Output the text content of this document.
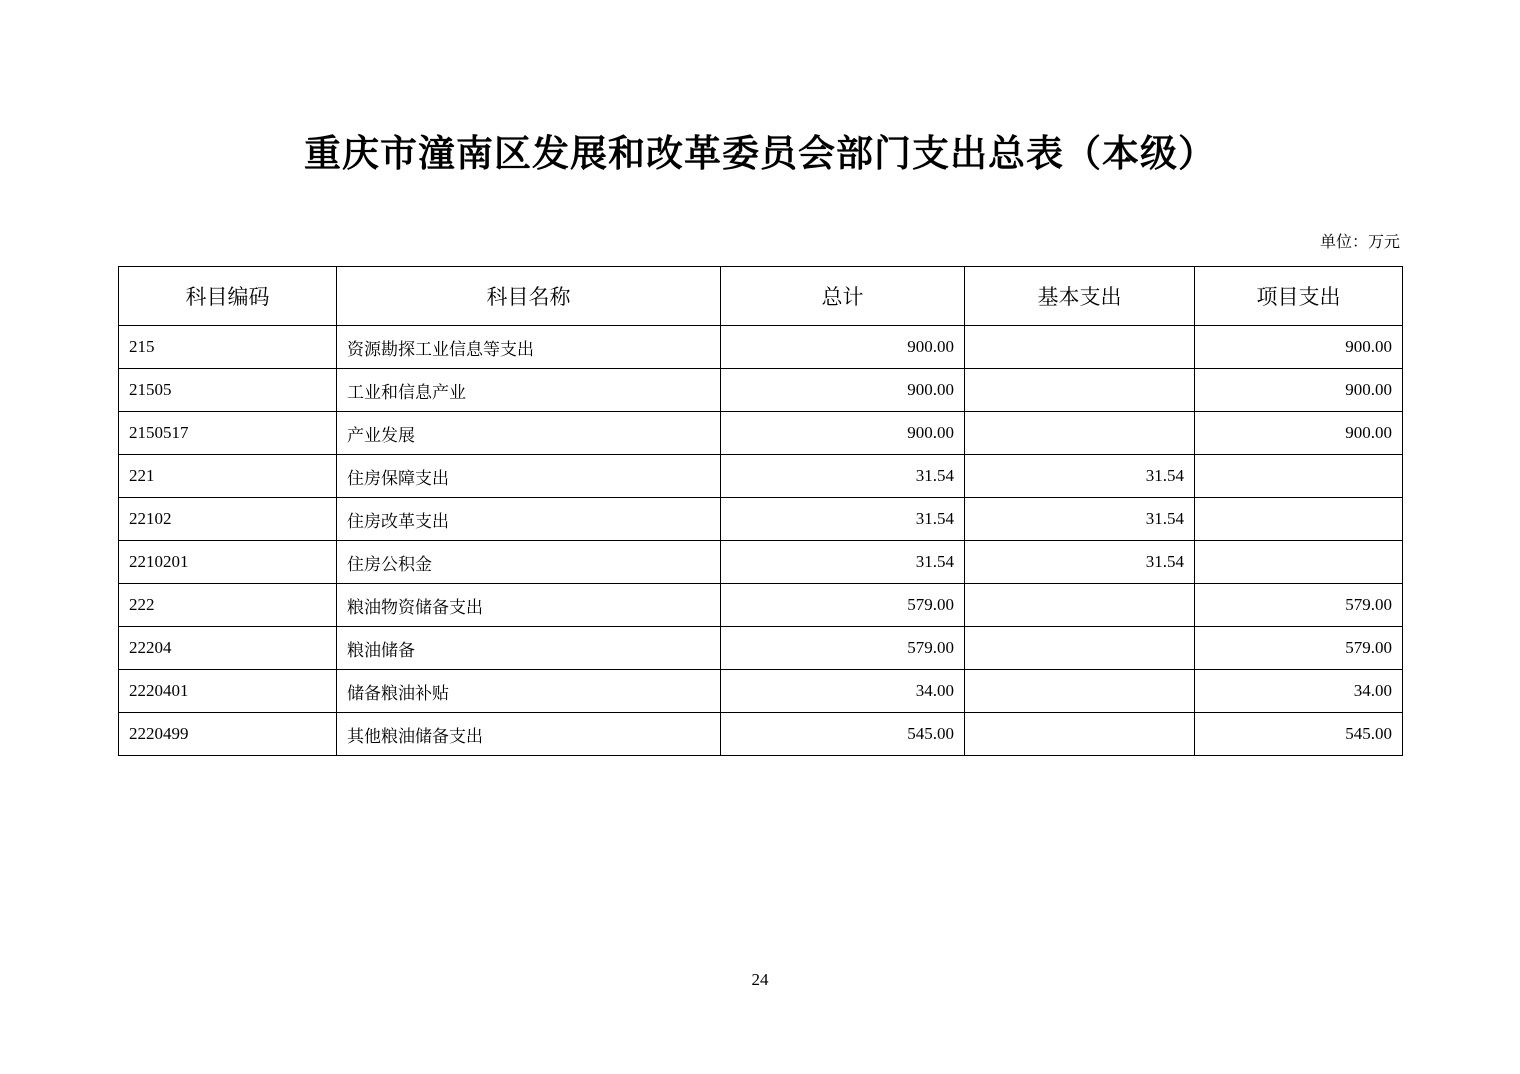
重庆市潼南区发展和改革委员会部门支出总表（本级）
单位：万元
科目编码	科目名称	总计	基本支出	项目支出
215	资源勘探工业信息等支出	900.00		900.00
21505	工业和信息产业	900.00		900.00
2150517	产业发展	900.00		900.00
221	住房保障支出	31.54	31.54	
22102	住房改革支出	31.54	31.54	
2210201	住房公积金	31.54	31.54	
222	粮油物资储备支出	579.00		579.00
22204	粮油储备	579.00		579.00
2220401	储备粮油补贴	34.00		34.00
2220499	其他粮油储备支出	545.00		545.00
24
